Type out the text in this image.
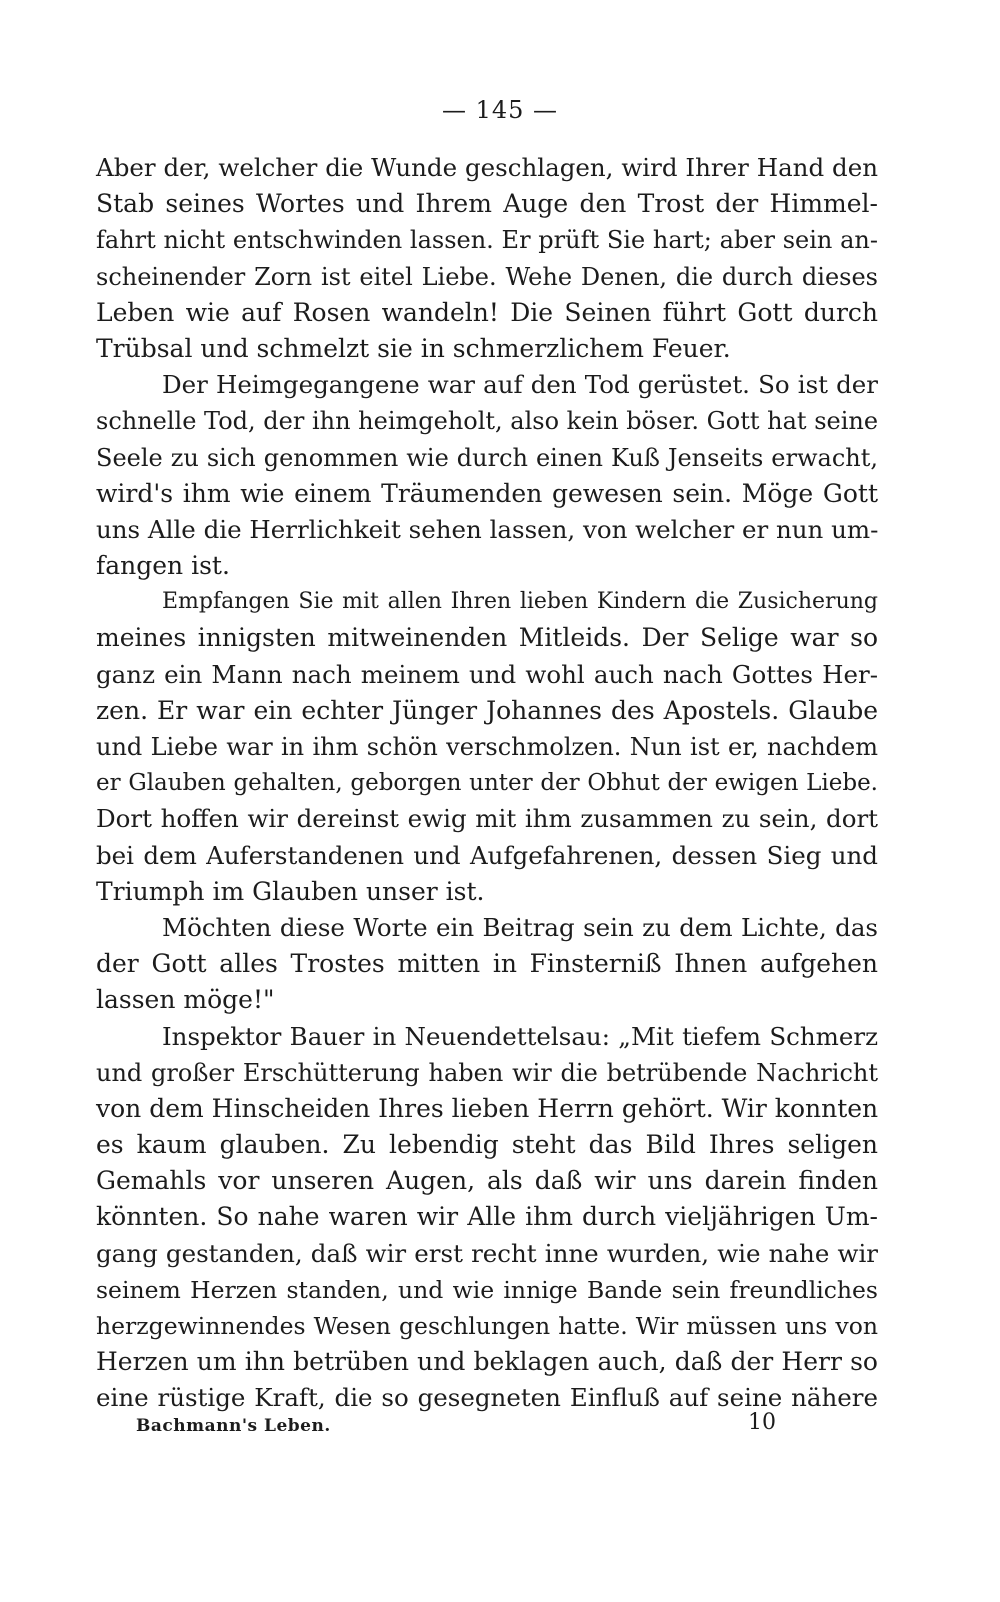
— 145 —
Aber der, welcher die Wunde geschlagen, wird Ihrer Hand den
Stab seines Wortes und Ihrem Auge den Trost der Himmel-
fahrt nicht entschwinden lassen. Er prüft Sie hart; aber sein an-
scheinender Zorn ist eitel Liebe. Wehe Denen, die durch dieses
Leben wie auf Rosen wandeln! Die Seinen führt Gott durch
Trübsal und schmelzt sie in schmerzlichem Feuer.
Der Heimgegangene war auf den Tod gerüstet. So ist der
schnelle Tod, der ihn heimgeholt, also kein böser. Gott hat seine
Seele zu sich genommen wie durch einen Kuß Jenseits erwacht,
wird's ihm wie einem Träumenden gewesen sein. Möge Gott
uns Alle die Herrlichkeit sehen lassen, von welcher er nun um-
fangen ist.
Empfangen Sie mit allen Ihren lieben Kindern die Zusicherung
meines innigsten mitweinenden Mitleids. Der Selige war so
ganz ein Mann nach meinem und wohl auch nach Gottes Her-
zen. Er war ein echter Jünger Johannes des Apostels. Glaube
und Liebe war in ihm schön verschmolzen. Nun ist er, nachdem
er Glauben gehalten, geborgen unter der Obhut der ewigen Liebe.
Dort hoffen wir dereinst ewig mit ihm zusammen zu sein, dort
bei dem Auferstandenen und Aufgefahrenen, dessen Sieg und
Triumph im Glauben unser ist.
Möchten diese Worte ein Beitrag sein zu dem Lichte, das
der Gott alles Trostes mitten in Finsterniß Ihnen aufgehen
lassen möge!"
Inspektor Bauer in Neuendettelsau: „Mit tiefem Schmerz
und großer Erschütterung haben wir die betrübende Nachricht
von dem Hinscheiden Ihres lieben Herrn gehört. Wir konnten
es kaum glauben. Zu lebendig steht das Bild Ihres seligen
Gemahls vor unseren Augen, als daß wir uns darein finden
könnten. So nahe waren wir Alle ihm durch vieljährigen Um-
gang gestanden, daß wir erst recht inne wurden, wie nahe wir
seinem Herzen standen, und wie innige Bande sein freundliches
herzgewinnendes Wesen geschlungen hatte. Wir müssen uns von
Herzen um ihn betrüben und beklagen auch, daß der Herr so
eine rüstige Kraft, die so gesegneten Einfluß auf seine nähere
Bachmann's Leben.	10
